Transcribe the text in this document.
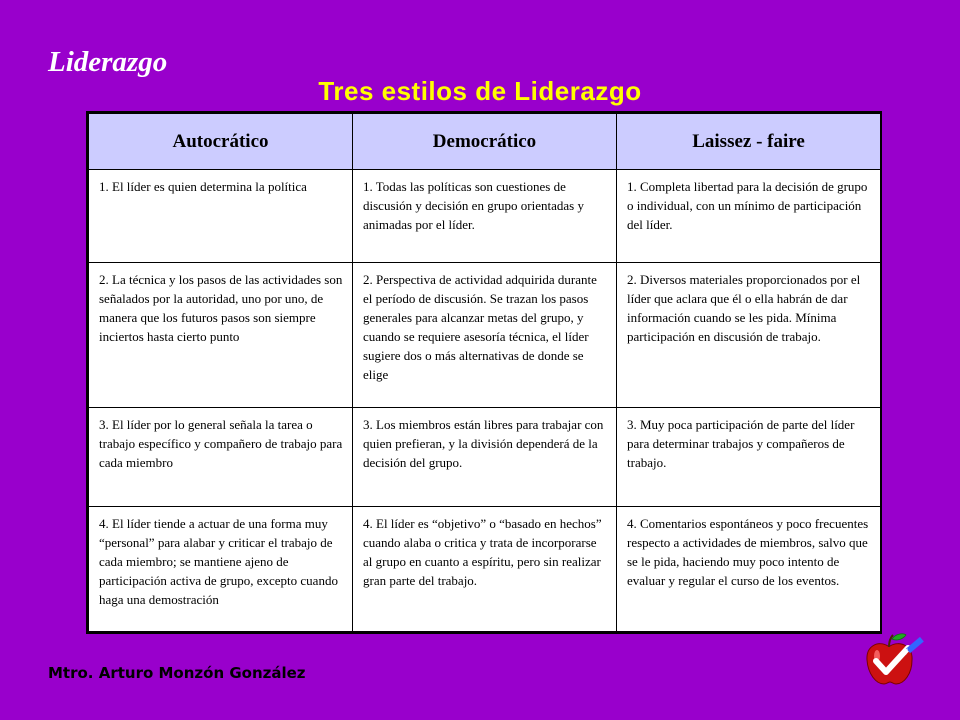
Liderazgo
Tres estilos de Liderazgo
Autocrático	Democrático	Laissez - faire

1. El líder es quien determina la política	1. Todas las políticas son cuestiones de discusión y decisión en grupo orientadas y animadas por el líder.	1. Completa libertad para la decisión de grupo o individual, con un mínimo de participación del líder.

2. La técnica y los pasos de las actividades son señalados por la autoridad, uno por uno, de manera que los futuros pasos son siempre inciertos hasta cierto punto	2. Perspectiva de actividad adquirida durante el período de discusión. Se trazan los pasos generales para alcanzar metas del grupo, y cuando se requiere asesoría técnica, el líder sugiere dos o más alternativas de donde se elige	2. Diversos materiales proporcionados por el líder que aclara que él o ella habrán de dar información cuando se les pida. Mínima participación en discusión de trabajo.

3. El líder por lo general señala la tarea o trabajo específico y compañero de trabajo para cada miembro	3. Los miembros están libres para trabajar con quien prefieran, y la división dependerá de la decisión del grupo.	3. Muy poca participación de parte del líder para determinar trabajos y compañeros de trabajo.

4. El líder tiende a actuar de una forma muy “personal” para alabar y criticar el trabajo de cada miembro; se mantiene ajeno de participación activa de grupo, excepto cuando haga una demostración	4. El líder es “objetivo” o “basado en hechos” cuando alaba o critica y trata de incorporarse al grupo en cuanto a espíritu, pero sin realizar gran parte del trabajo.	4. Comentarios espontáneos y poco frecuentes respecto a actividades de miembros, salvo que se le pida, haciendo muy poco intento de evaluar y regular el curso de los eventos.
Mtro. Arturo Monzón González
